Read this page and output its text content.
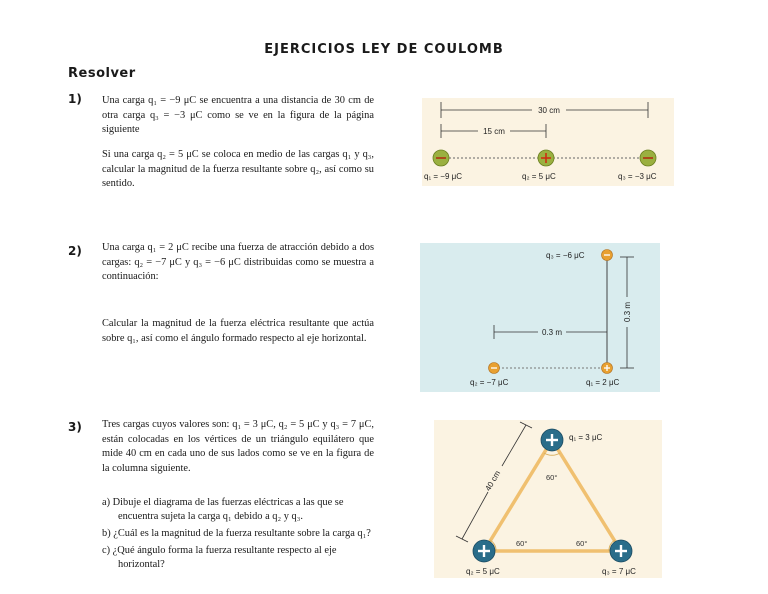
EJERCICIOS LEY DE COULOMB
Resolver
1) Una carga q₁ = −9 μC se encuentra a una distancia de 30 cm de otra carga q₃ = −3 μC como se ve en la figura de la página siguiente
Si una carga q₂ = 5 μC se coloca en medio de las cargas q₁ y q₃, calcular la magnitud de la fuerza resultante sobre q₂, así como su sentido.
30 cm
15 cm
q₁ = −9 μC	q₂ = 5 μC	q₃ = −3 μC
2) Una carga q₁ = 2 μC recibe una fuerza de atracción debido a dos cargas: q₂ = −7 μC y q₃ = −6 μC distribuidas como se muestra a continuación:
Calcular la magnitud de la fuerza eléctrica resultante que actúa sobre q₁, así como el ángulo formado respecto al eje horizontal.	0.3 m
0.3 m
q₃ = −6 μC
q₂ = −7 μC	q₁ = 2 μC
3) Tres cargas cuyos valores son: q₁ = 3 μC, q₂ = 5 μC y q₃ = 7 μC, están colocadas en los vértices de un triángulo equilátero que mide 40 cm en cada uno de sus lados como se ve en la figura de la columna siguiente.
a) Dibuje el diagrama de las fuerzas eléctricas a las que se encuentra sujeta la carga q₁ debido a q₂ y q₃.
b) ¿Cuál es la magnitud de la fuerza resultante sobre la carga q₁?
c) ¿Qué ángulo forma la fuerza resultante respecto al eje horizontal?
60°
60°	60°
40 cm
q₁ = 3 μC
q₂ = 5 μC	q₃ = 7 μC
